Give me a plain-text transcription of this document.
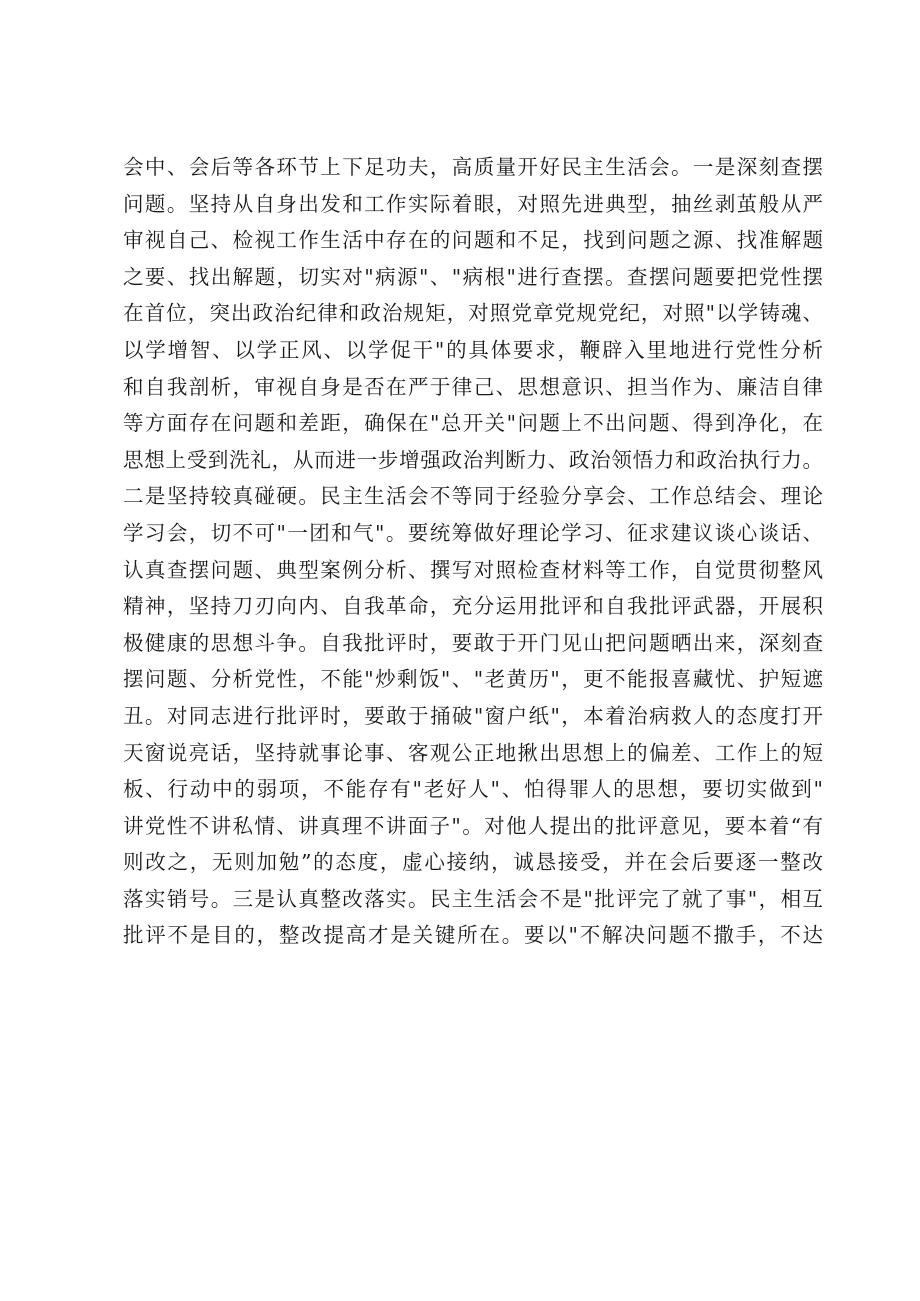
会中、会后等各环节上下足功夫，高质量开好民主生活会。一是深刻查摆
问题。坚持从自身出发和工作实际着眼，对照先进典型，抽丝剥茧般从严
审视自己、检视工作生活中存在的问题和不足，找到问题之源、找准解题
之要、找出解题，切实对"病源"、"病根"进行查摆。查摆问题要把党性摆
在首位，突出政治纪律和政治规矩，对照党章党规党纪，对照"以学铸魂、
以学增智、以学正风、以学促干"的具体要求，鞭辟入里地进行党性分析
和自我剖析，审视自身是否在严于律己、思想意识、担当作为、廉洁自律
等方面存在问题和差距，确保在"总开关"问题上不出问题、得到净化，在
思想上受到洗礼，从而进一步增强政治判断力、政治领悟力和政治执行力。
二是坚持较真碰硬。民主生活会不等同于经验分享会、工作总结会、理论
学习会，切不可"一团和气"。要统筹做好理论学习、征求建议谈心谈话、
认真查摆问题、典型案例分析、撰写对照检查材料等工作，自觉贯彻整风
精神，坚持刀刃向内、自我革命，充分运用批评和自我批评武器，开展积
极健康的思想斗争。自我批评时，要敢于开门见山把问题晒出来，深刻查
摆问题、分析党性，不能"炒剩饭"、"老黄历"，更不能报喜藏忧、护短遮
丑。对同志进行批评时，要敢于捅破"窗户纸"，本着治病救人的态度打开
天窗说亮话，坚持就事论事、客观公正地揪出思想上的偏差、工作上的短
板、行动中的弱项，不能存有"老好人"、怕得罪人的思想，要切实做到"
讲党性不讲私情、讲真理不讲面子"。对他人提出的批评意见，要本着“有
则改之，无则加勉”的态度，虚心接纳，诚恳接受，并在会后要逐一整改
落实销号。三是认真整改落实。民主生活会不是"批评完了就了事"，相互
批评不是目的，整改提高才是关键所在。要以"不解决问题不撒手，不达
